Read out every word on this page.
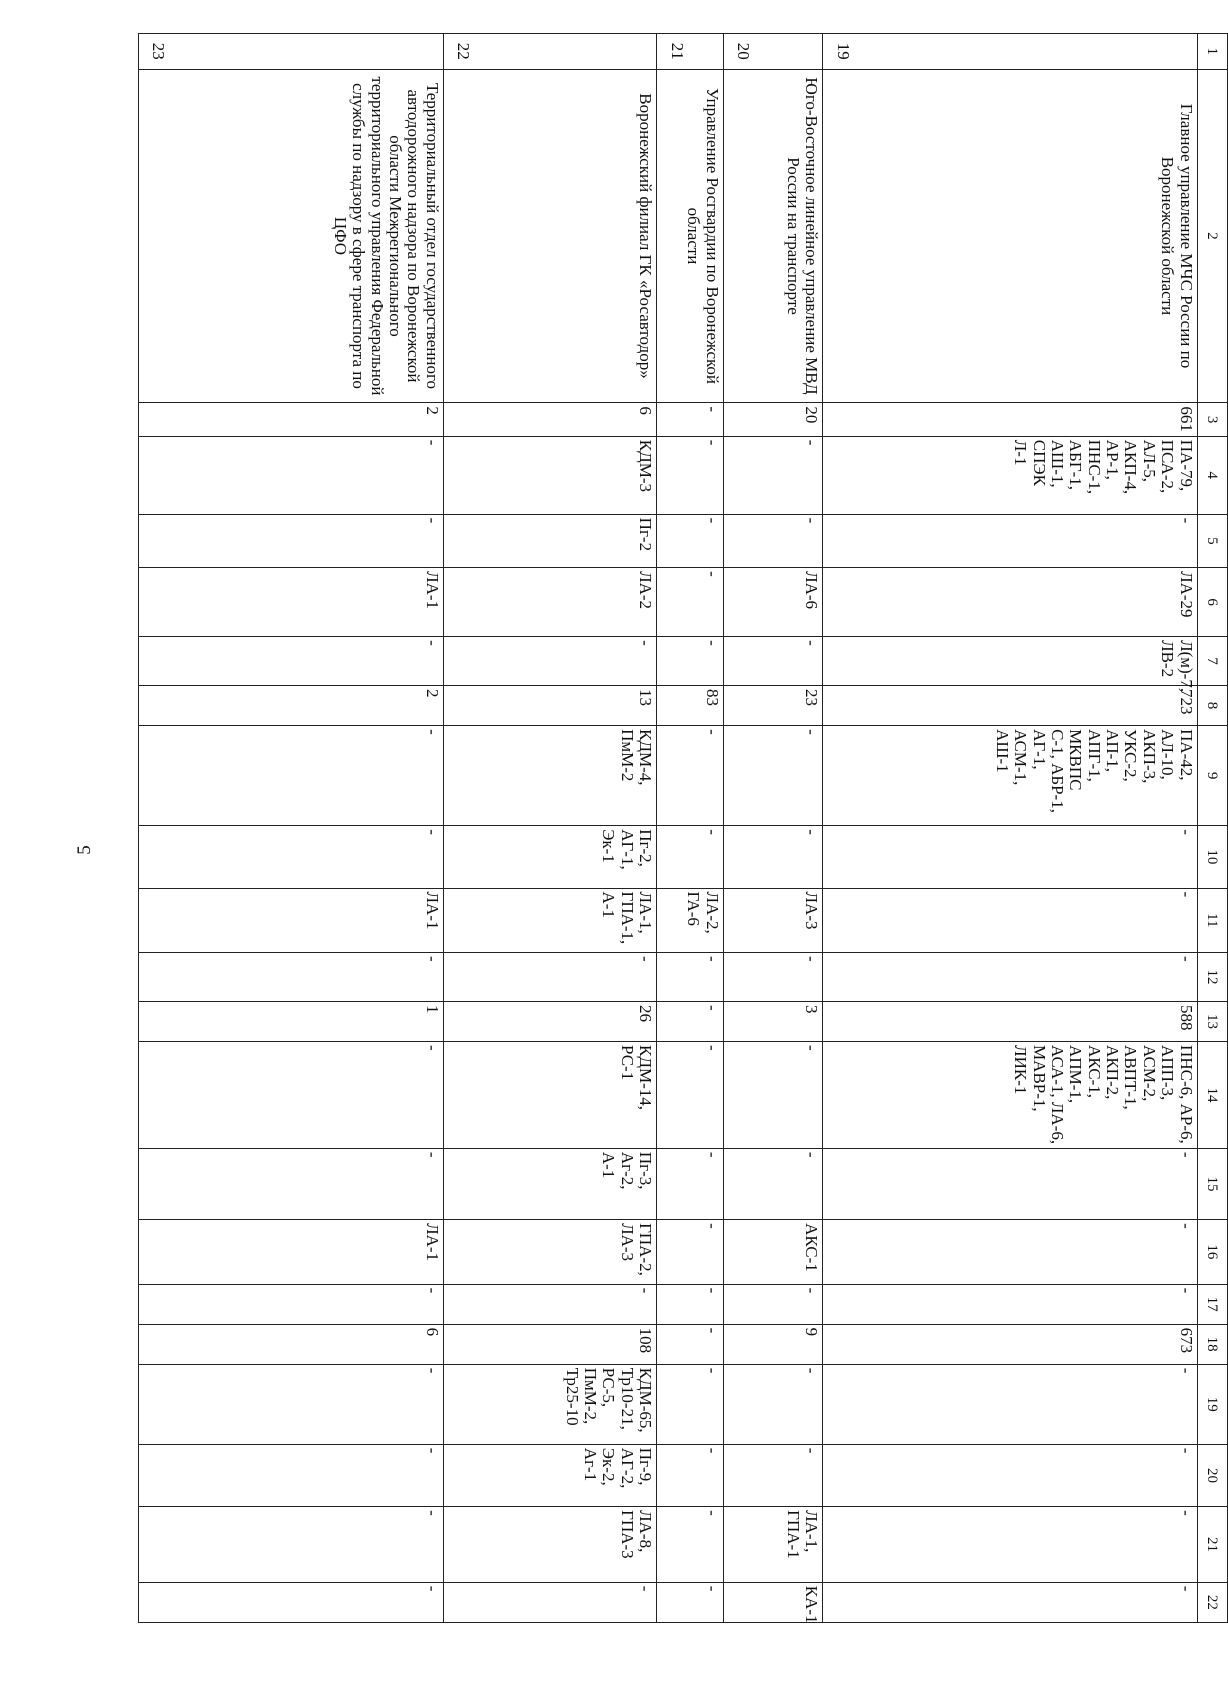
5
1	2	3	4	5	6	7	8	9	10	11	12	13	14	15	16	17	18	19	20	21	22
19	Главное управление МЧС России по Воронежской области	661	ПА-79, ПСА-2, АЛ-5, АКП-4, АР-1, ПНС-1, АБГ-1, АШ-1, СПЭК Л-1	-	ЛА-29	Л(м)-7, ЛВ-2	723	ПА-42, АЛ-10, АКП-3, УКС-2, АП-1, АПГ-1, МКВПС С-1, АБР-1, АГ-1, АСМ-1, АШ-1	-	-	-	588	ПНС-6, АР-6, АПП-3, АСМ-2, АВПТ-1, АКП-2, АКС-1, АПМ-1, АСА-1, ЛА-6, МАВР-1, ЛИК-1	-	-	-	673	-	-	-	-
20	Юго-Восточное линейное управление МВД России на транспорте	20	-	-	ЛА-6	-	23	-	-	ЛА-3	-	3	-	-	АКС-1	-	9	-	-	ЛА-1, ГПА-1	КА-1
21	Управление Росгвардии по Воронежской области	-	-	-	-	-	83	-	-	ЛА-2, ГА-6	-	-	-	-	-	-	-	-	-	-	-
22	Воронежский филиал ГК «Росавтодор»	6	КДМ-3	Пг-2	ЛА-2	-	13	КДМ-4, ПмМ-2	Пг-2, АГ-1, Эк-1	ЛА-1, ГПА-1, А-1	-	26	КДМ-14, РС-1	Пг-3, Аг-2, А-1	ГПА-2, ЛА-3	-	108	КДМ-65, Тр10-21, РС-5, ПмМ-2, Тр25-10	Пг-9, АГ-2, Эк-2, Аг-1	ЛА-8, ГПА-3	-
23	Территориальный отдел государственного автодорожного надзора по Воронежской области Межрегионального территориального управления Федеральной службы по надзору в сфере транспорта по ЦФО	2	-	-	ЛА-1	-	2	-	-	ЛА-1	-	1	-	-	ЛА-1	-	6	-	-	-	-
